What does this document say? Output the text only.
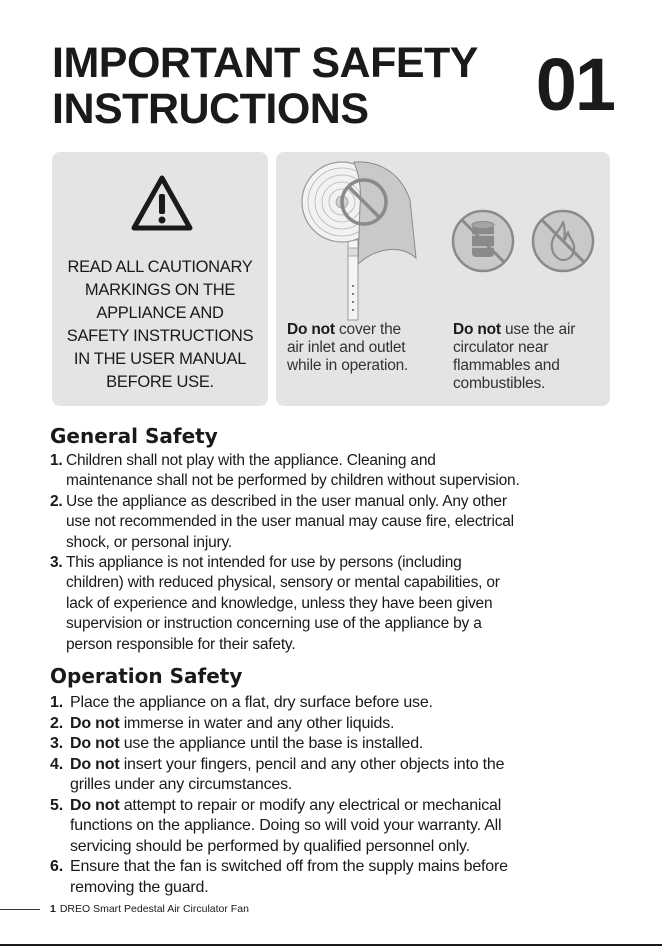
IMPORTANT SAFETY
INSTRUCTIONS	01
READ ALL CAUTIONARY
MARKINGS ON THE
APPLIANCE AND
SAFETY INSTRUCTIONS
IN THE USER MANUAL
BEFORE USE.
Do not cover the
air inlet and outlet
while in operation.
Do not use the air
circulator near
flammables and
combustibles.
General Safety
1. Children shall not play with the appliance. Cleaning and
maintenance shall not be performed by children without supervision.
2. Use the appliance as described in the user manual only. Any other
use not recommended in the user manual may cause fire, electrical
shock, or personal injury.
3. This appliance is not intended for use by persons (including
children) with reduced physical, sensory or mental capabilities, or
lack of experience and knowledge, unless they have been given
supervision or instruction concerning use of the appliance by a
person responsible for their safety.
Operation Safety
1. Place the appliance on a flat, dry surface before use.
2. Do not immerse in water and any other liquids.
3. Do not use the appliance until the base is installed.
4. Do not insert your fingers, pencil and any other objects into the
grilles under any circumstances.
5. Do not attempt to repair or modify any electrical or mechanical
functions on the appliance. Doing so will void your warranty. All
servicing should be performed by qualified personnel only.
6. Ensure that the fan is switched off from the supply mains before
removing the guard.
1 DREO Smart Pedestal Air Circulator Fan
